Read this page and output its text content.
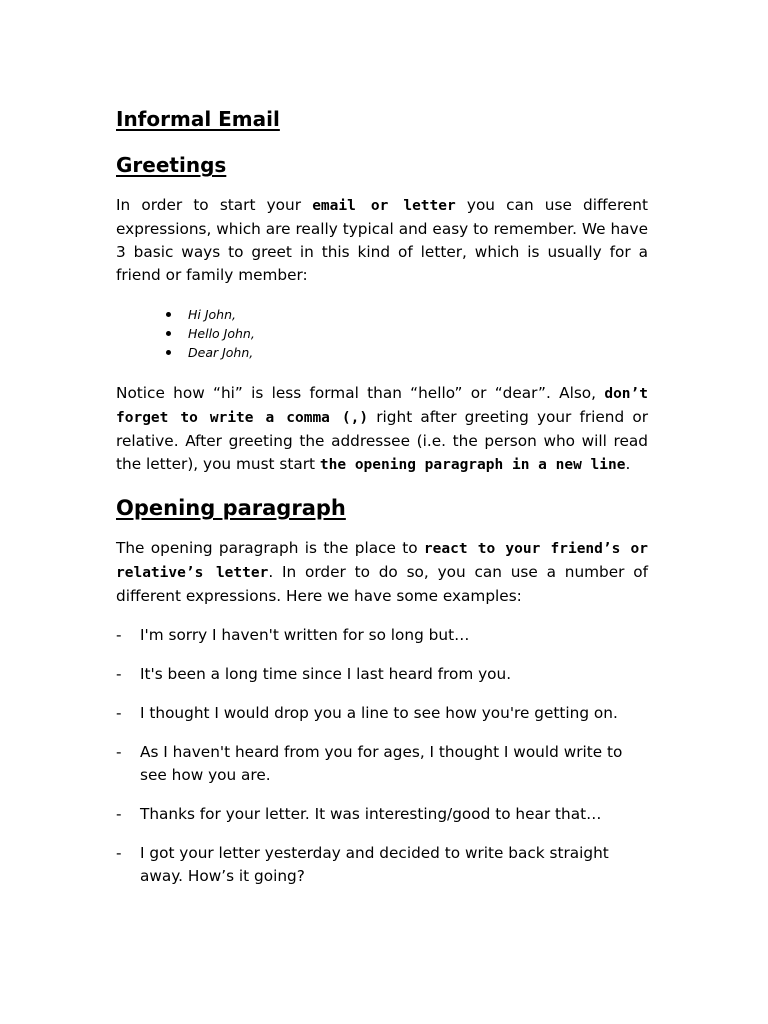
Informal Email
Greetings

In order to start your email or letter you can use different expressions, which are really typical and easy to remember. We have 3 basic ways to greet in this kind of letter, which is usually for a friend or family member:

Hi John,
Hello John,
Dear John,

Notice how “hi” is less formal than “hello” or “dear”. Also, don’t forget to write a comma (,) right after greeting your friend or relative. After greeting the addressee (i.e. the person who will read the letter), you must start the opening paragraph in a new line.

Opening paragraph

The opening paragraph is the place to react to your friend’s or relative’s letter. In order to do so, you can use a number of different expressions. Here we have some examples:

- I'm sorry I haven't written for so long but…
- It's been a long time since I last heard from you.
- I thought I would drop you a line to see how you're getting on.
- As I haven't heard from you for ages, I thought I would write to see how you are.
- Thanks for your letter. It was interesting/good to hear that…
- I got your letter yesterday and decided to write back straight away. How’s it going?
